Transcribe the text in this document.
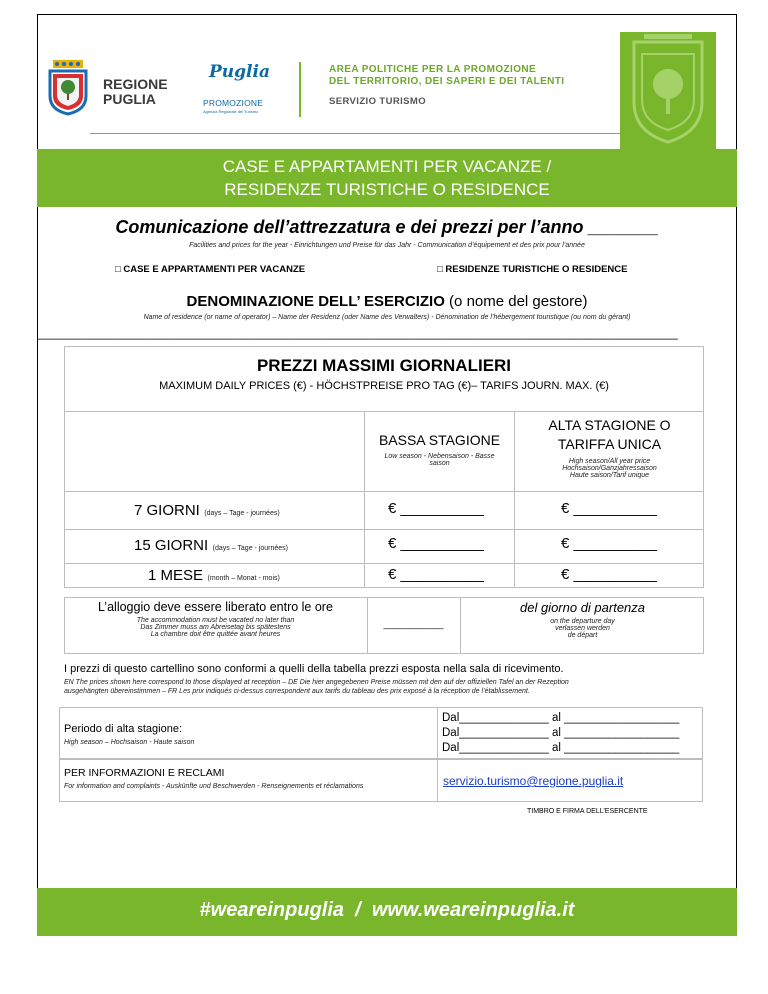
REGIONE
PUGLIA
Puglia
PROMOZIONE
Agenzia Regionale del Turismo
AREA POLITICHE PER LA PROMOZIONE
DEL TERRITORIO, DEI SAPERI E DEI TALENTI
SERVIZIO TURISMO
CASE E APPARTAMENTI PER VACANZE /
RESIDENZE TURISTICHE O RESIDENCE
Comunicazione dell’attrezzatura e dei prezzi per l’anno _______
Facilities and prices for the year - Einrichtungen und Preise für das Jahr - Communication d’équipement et des prix pour l’année
□ CASE E APPARTAMENTI PER VACANZE	□ RESIDENZE TURISTICHE O RESIDENCE
DENOMINAZIONE DELL’ ESERCIZIO (o nome del gestore)
Name of residence (or name of operator) – Name der Residenz (oder Name des Verwalters) - Dénomination de l’hébergement touristique (ou nom du gérant)
________________________________________________________________________________________________
PREZZI MASSIMI GIORNALIERI
MAXIMUM DAILY PRICES (€) - HÖCHSTPREISE PRO TAG (€)– TARIFS JOURN. MAX. (€)
BASSA STAGIONE
Low season - Nebensaison - Basse saison
ALTA STAGIONE O
TARIFFA UNICA
High season/All year price
Hochsaison/Ganzjahressaison
Haute saison/Tarif unique
7 GIORNI (days – Tage - journées)	€ __________	€ __________
15 GIORNI (days – Tage - journées)	€ __________	€ __________
1 MESE (month – Monat - mois)	€ __________	€ __________
L’alloggio deve essere liberato entro le ore
The accommodation must be vacated no later than
Das Zimmer muss am Abreisetag bis spätestens
La chambre doit être quittée avant heures
____________
del giorno di partenza
on the departure day
verlassen werden
de départ
I prezzi di questo cartellino sono conformi a quelli della tabella prezzi esposta nella sala di ricevimento.
EN The prices shown here correspond to those displayed at reception – DE Die hier angegebenen Preise müssen mit den auf der offiziellen Tafel an der Rezeption
ausgehängten übereinstimmen – FR Les prix indiqués ci-dessus correspondent aux tarifs du tableau des prix exposé à la réception de l’établissement.
Periodo di alta stagione:
High season – Hochsaison - Haute saison
Dal______________ al __________________
Dal______________ al __________________
Dal______________ al __________________
PER INFORMAZIONI E RECLAMI
For information and complaints - Auskünfte und Beschwerden - Renseignements et réclamations	servizio.turismo@regione.puglia.it
TIMBRO E FIRMA DELL’ESERCENTE
#weareinpuglia  /  www.weareinpuglia.it
